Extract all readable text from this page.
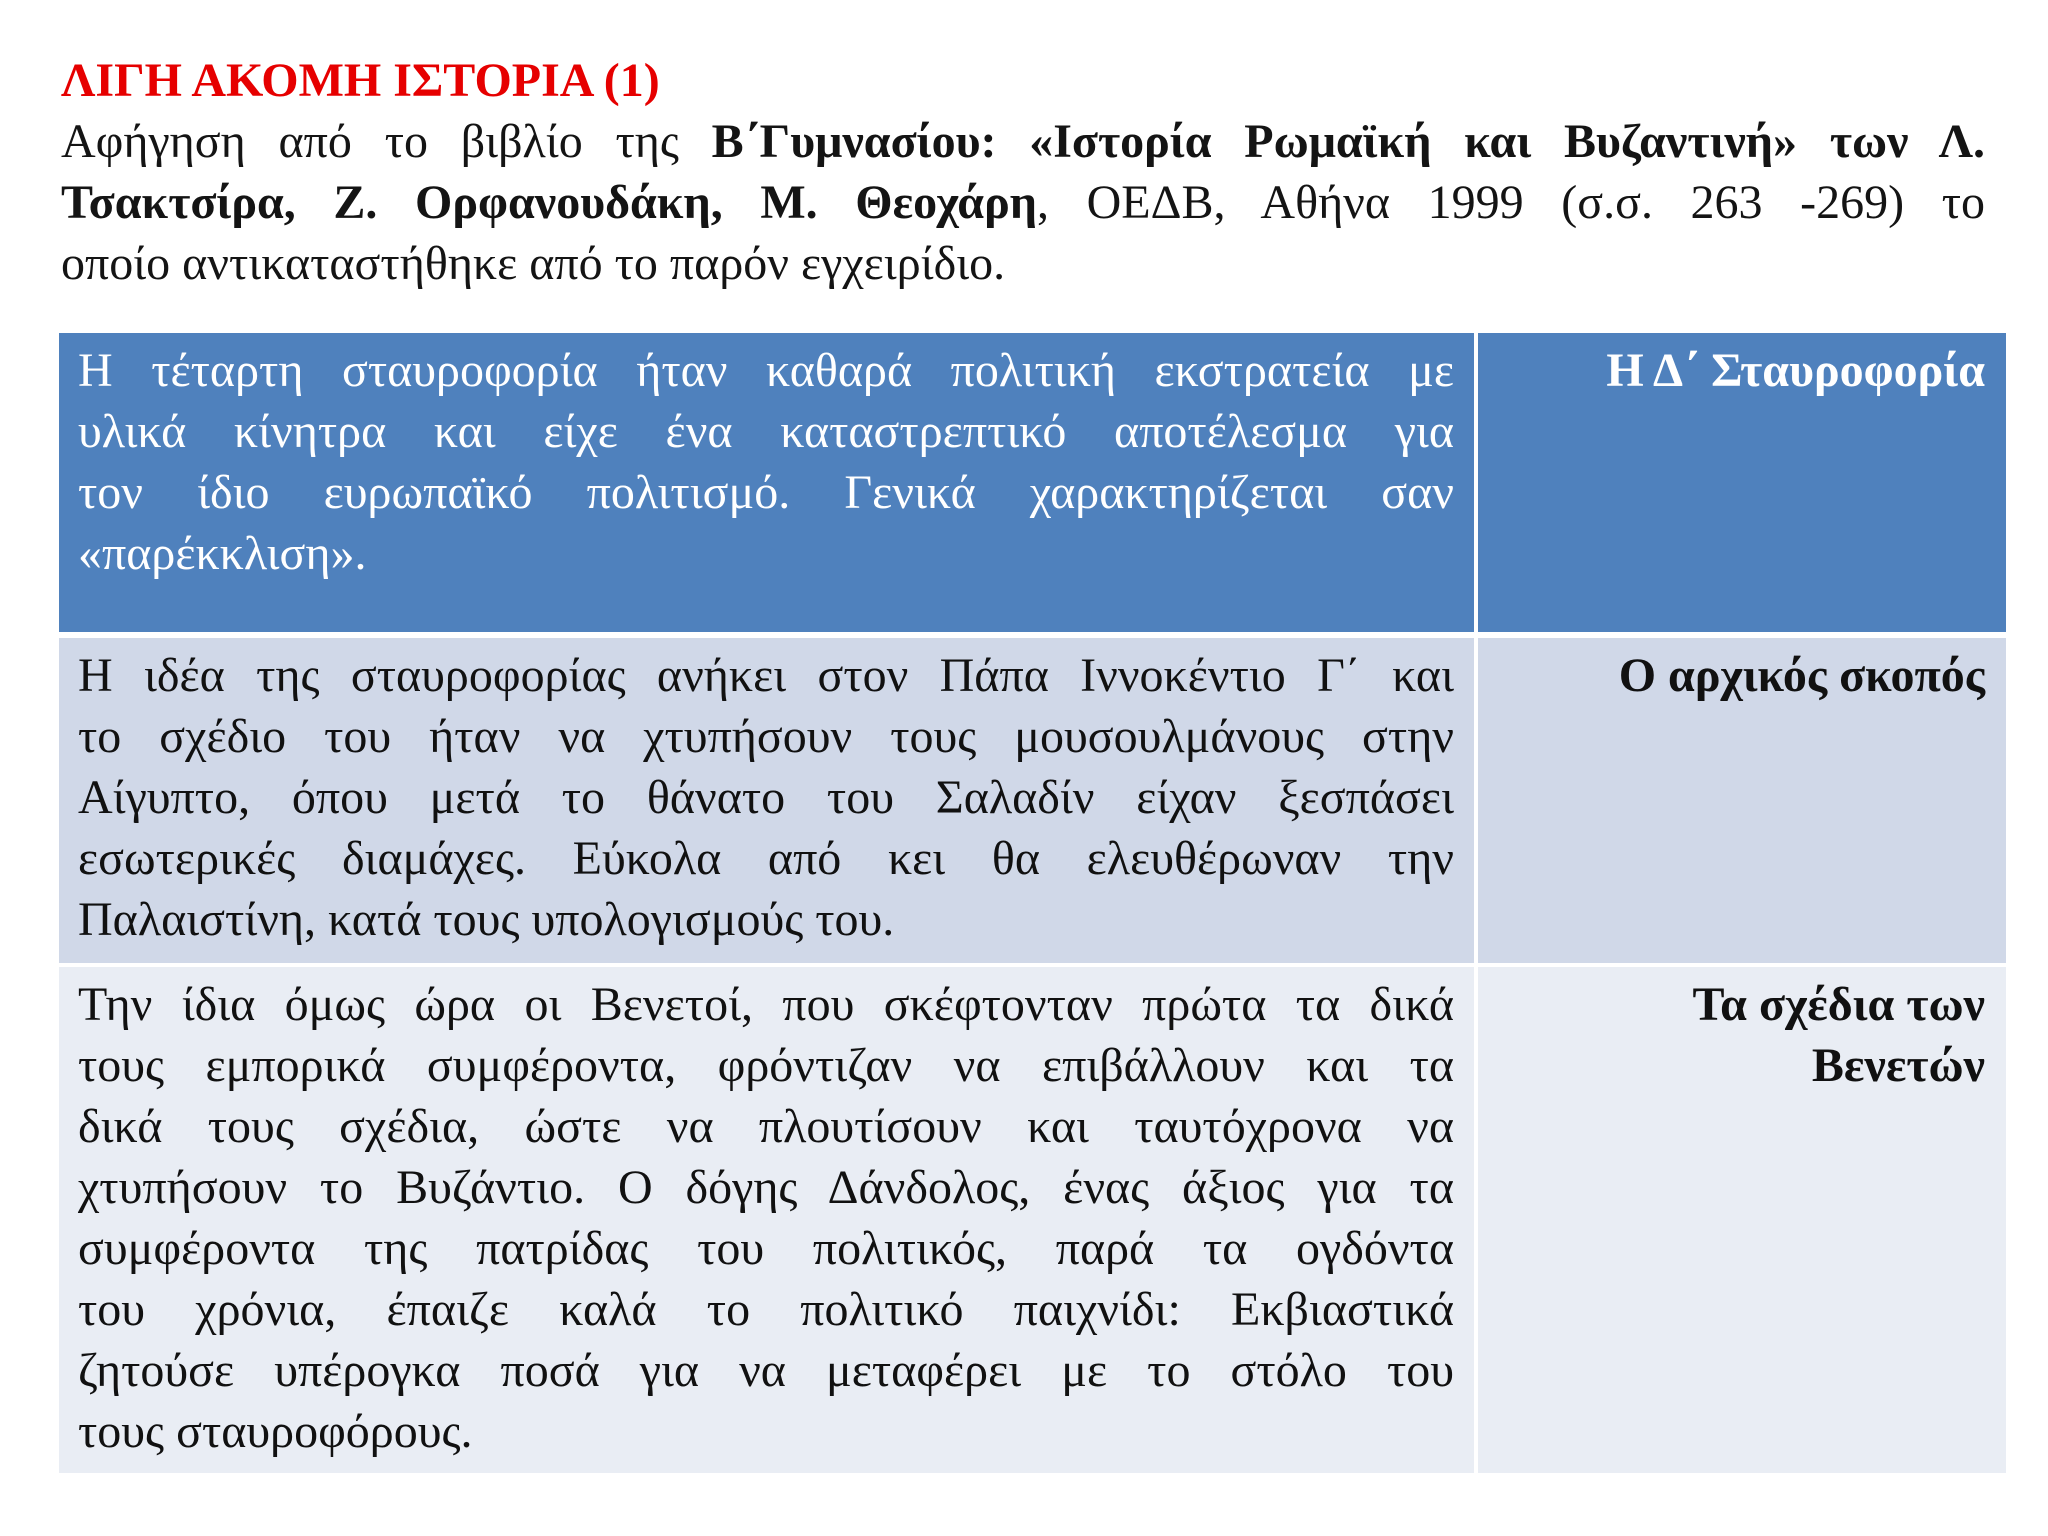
ΛΙΓΗ ΑΚΟΜΗ ΙΣΤΟΡΙΑ (1)
Αφήγηση από το βιβλίο της Β΄Γυμνασίου: «Ιστορία Ρωμαϊκή και Βυζαντινή» των Λ.
Τσακτσίρα, Ζ. Ορφανουδάκη, Μ. Θεοχάρη, ΟΕΔΒ, Αθήνα 1999 (σ.σ. 263 -269) το
οποίο αντικαταστήθηκε από το παρόν εγχειρίδιο.
Η τέταρτη σταυροφορία ήταν καθαρά πολιτική εκστρατεία με
υλικά κίνητρα και είχε ένα καταστρεπτικό αποτέλεσμα για
τον ίδιο ευρωπαϊκό πολιτισμό. Γενικά χαρακτηρίζεται σαν
«παρέκκλιση».
Η Δ΄ Σταυροφορία
Η ιδέα της σταυροφορίας ανήκει στον Πάπα Ιννοκέντιο Γ΄ και
το σχέδιο του ήταν να χτυπήσουν τους μουσουλμάνους στην
Αίγυπτο, όπου μετά το θάνατο του Σαλαδίν είχαν ξεσπάσει
εσωτερικές διαμάχες. Εύκολα από κει θα ελευθέρωναν την
Παλαιστίνη, κατά τους υπολογισμούς του.
Ο αρχικός σκοπός
Την ίδια όμως ώρα οι Βενετοί, που σκέφτονταν πρώτα τα δικά
τους εμπορικά συμφέροντα, φρόντιζαν να επιβάλλουν και τα
δικά τους σχέδια, ώστε να πλουτίσουν και ταυτόχρονα να
χτυπήσουν το Βυζάντιο. Ο δόγης Δάνδολος, ένας άξιος για τα
συμφέροντα της πατρίδας του πολιτικός, παρά τα ογδόντα
του χρόνια, έπαιζε καλά το πολιτικό παιχνίδι: Εκβιαστικά
ζητούσε υπέρογκα ποσά για να μεταφέρει με το στόλο του
τους σταυροφόρους.
Τα σχέδια των
Βενετών
